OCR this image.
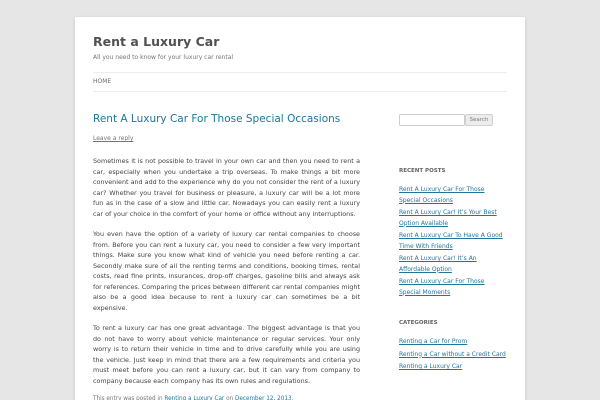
Rent a Luxury Car
All you need to know for your luxury car rental
HOME
Rent A Luxury Car For Those Special Occasions
Leave a reply

Sometimes it is not possible to travel in your own car and then you need to rent a car, especially when you undertake a trip overseas. To make things a bit more convenient and add to the experience why do you not consider the rent of a luxury car? Whether you travel for business or pleasure, a luxury car will be a lot more fun as in the case of a slow and little car. Nowadays you can easily rent a luxury car of your choice in the comfort of your home or office without any interruptions.

You even have the option of a variety of luxury car rental companies to choose from. Before you can rent a luxury car, you need to consider a few very important things. Make sure you know what kind of vehicle you need before renting a car. Secondly make sure of all the renting terms and conditions, booking times, rental costs, read fine prints, insurances, drop-off charges, gasoline bills and always ask for references. Comparing the prices between different car rental companies might also be a good idea because to rent a luxury car can sometimes be a bit expensive.

To rent a luxury car has one great advantage. The biggest advantage is that you do not have to worry about vehicle maintenance or regular services. Your only worry is to return their vehicle in time and to drive carefully while you are using the vehicle. Just keep in mind that there are a few requirements and criteria you must meet before you can rent a luxury car, but it can vary from company to company because each company has its own rules and regulations.

This entry was posted in Renting a Luxury Car on December 12, 2013.
Search
RECENT POSTS
Rent A Luxury Car For Those Special Occasions
Rent A Luxury Car! It’s Your Best Option Available
Rent A Luxury Car To Have A Good Time With Friends
Rent A Luxury Car! It’s An Affordable Option
Rent A Luxury Car For Those Special Moments
CATEGORIES
Renting a Car for Prom
Renting a Car without a Credit Card
Renting a Luxury Car
